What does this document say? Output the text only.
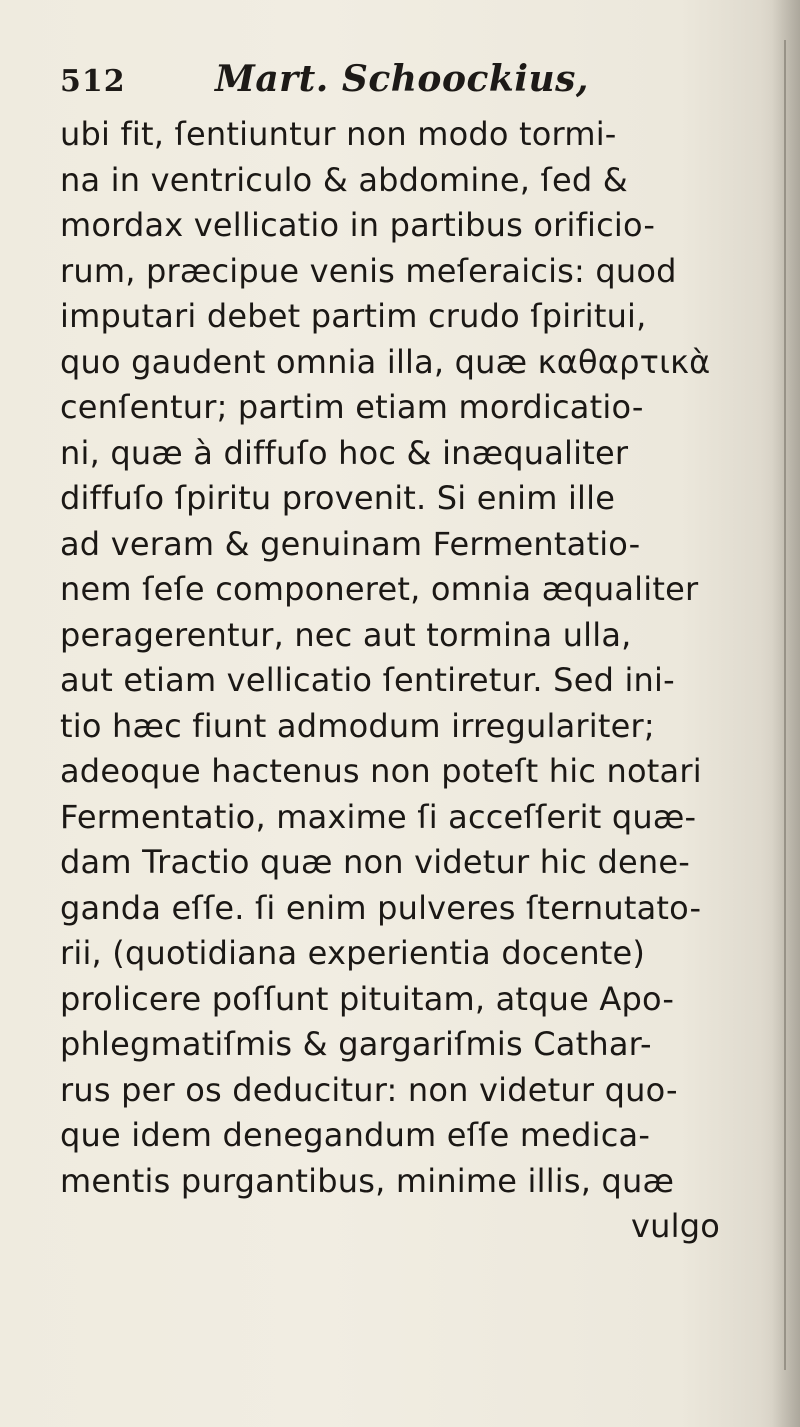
512 Mart. Schoockius,
ubi fit, ſentiuntur non modo tormi-
na in ventriculo & abdomine, ſed &
mordax vellicatio in partibus orificio-
rum, præcipue venis meſeraicis: quod
imputari debet partim crudo ſpiritui,
quo gaudent omnia illa, quæ καθαρτικὰ
cenſentur; partim etiam mordicatio-
ni, quæ à diffuſo hoc & inæqualiter
diffuſo ſpiritu provenit. Si enim ille
ad veram & genuinam Fermentatio-
nem ſeſe componeret, omnia æqualiter
peragerentur, nec aut tormina ulla,
aut etiam vellicatio ſentiretur. Sed ini-
tio hæc fiunt admodum irregulariter;
adeoque hactenus non poteſt hic notari
Fermentatio, maxime ſi acceſſerit quæ-
dam Tractio quæ non videtur hic dene-
ganda eſſe. ſi enim pulveres ſternutato-
rii, (quotidiana experientia docente)
prolicere poſſunt pituitam, atque Apo-
phlegmatiſmis & gargariſmis Cathar-
rus per os deducitur: non videtur quo-
que idem denegandum eſſe medica-
mentis purgantibus, minime illis, quæ
vulgo
